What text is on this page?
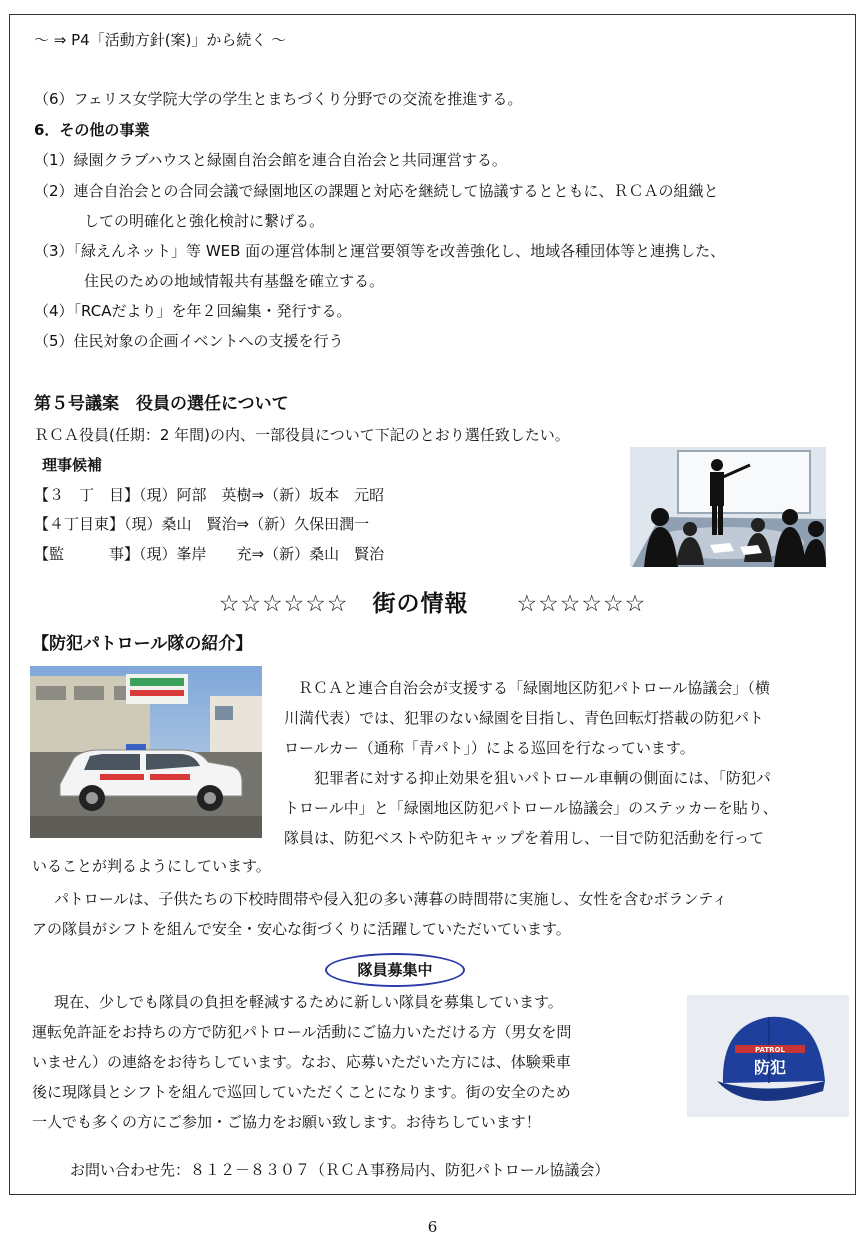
～ ⇒ P4「活動方針(案)」から続く ～
（6）フェリス女学院大学の学生とまちづくり分野での交流を推進する。
6．その他の事業
（1）緑園クラブハウスと緑園自治会館を連合自治会と共同運営する。
（2）連合自治会との合同会議で緑園地区の課題と対応を継続して協議するとともに、ＲＣＡの組織と
しての明確化と強化検討に繋げる。
（3）「緑えんネット」等 WEB 面の運営体制と運営要領等を改善強化し、地域各種団体等と連携した、
住民のための地域情報共有基盤を確立する。
（4）「RCAだより」を年２回編集・発行する。
（5）住民対象の企画イベントへの支援を行う
第５号議案　役員の選任について
ＲＣＡ役員(任期：2 年間)の内、一部役員について下記のとおり選任致したい。
理事候補
【３　丁　目】（現）阿部　英樹⇒（新）坂本　元昭
【４丁目東】（現）桑山　賢治⇒（新）久保田潤一
【監　　　事】（現）峯岸　　充⇒（新）桑山　賢治
☆☆☆☆☆☆　街の情報　　☆☆☆☆☆☆
【防犯パトロール隊の紹介】
ＲＣＡと連合自治会が支援する「緑園地区防犯パトロール協議会」（横
川満代表）では、犯罪のない緑園を目指し、青色回転灯搭載の防犯パト
ロールカー（通称「青パト」）による巡回を行なっています。
犯罪者に対する抑止効果を狙いパトロール車輌の側面には、「防犯パ
トロール中」と「緑園地区防犯パトロール協議会」のステッカーを貼り、
隊員は、防犯ベストや防犯キャップを着用し、一目で防犯活動を行って
いることが判るようにしています。
パトロールは、子供たちの下校時間帯や侵入犯の多い薄暮の時間帯に実施し、女性を含むボランティ
アの隊員がシフトを組んで安全・安心な街づくりに活躍していただいています。
隊員募集中
現在、少しでも隊員の負担を軽減するために新しい隊員を募集しています。
運転免許証をお持ちの方で防犯パトロール活動にご協力いただける方（男女を問
いません）の連絡をお待ちしています。なお、応募いただいた方には、体験乗車
後に現隊員とシフトを組んで巡回していただくことになります。街の安全のため
一人でも多くの方にご参加・ご協力をお願い致します。お待ちしています！
PATROL
防犯
お問い合わせ先：８１２－８３０７（ＲＣＡ事務局内、防犯パトロール協議会）
6
